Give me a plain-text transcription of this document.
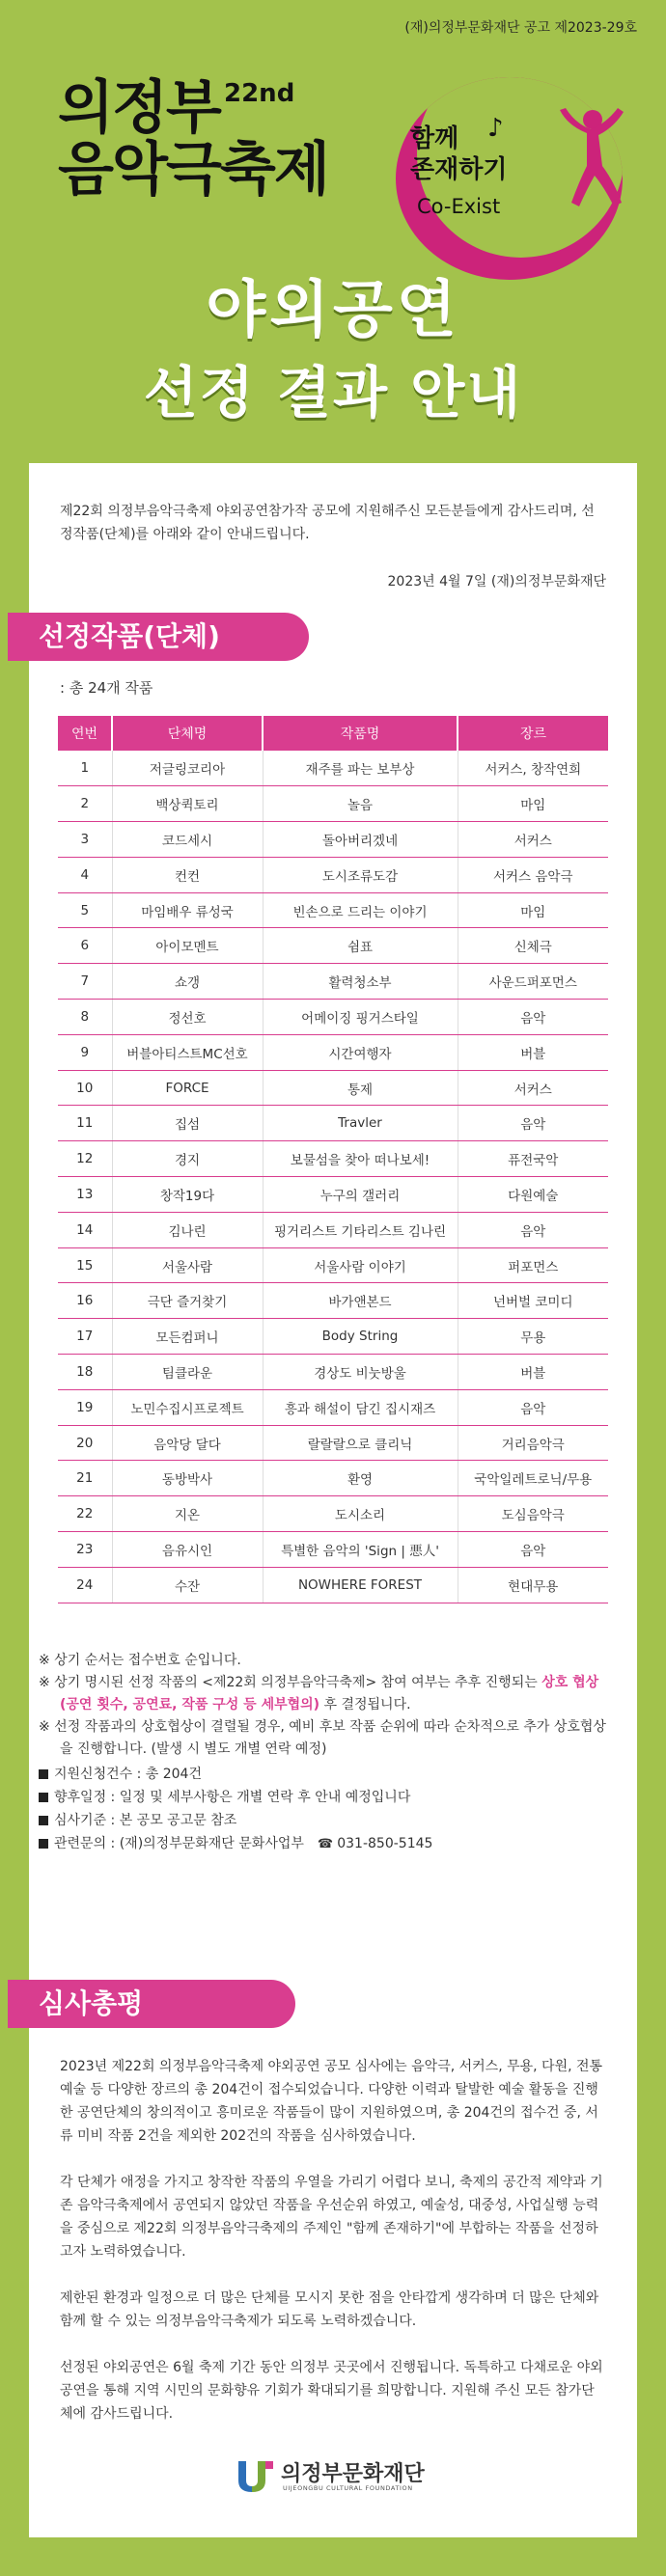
(재)의정부문화재단 공고 제2023-29호
의정부
음악극축제
22nd
함께
존재하기
Co-Exist
♪
야외공연
선정 결과 안내

제22회 의정부음악극축제 야외공연참가작 공모에 지원해주신 모든분들에게 감사드리며, 선정작품(단체)를 아래와 같이 안내드립니다.

2023년 4월 7일 (재)의정부문화재단
선정작품(단체)
: 총 24개 작품
연번	단체명	작품명	장르
1	저글링코리아	재주를 파는 보부상	서커스, 창작연희
2	백상퀵토리	놀음	마임
3	코드세시	돌아버리겠네	서커스
4	컨컨	도시조류도감	서커스 음악극
5	마임배우 류성국	빈손으로 드리는 이야기	마임
6	아이모멘트	쉼표	신체극
7	쇼갱	활력청소부	사운드퍼포먼스
8	정선호	어메이징 핑거스타일	음악
9	버블아티스트MC선호	시간여행자	버블
10	FORCE	통제	서커스
11	집섬	Travler	음악
12	경지	보물섬을 찾아 떠나보세!	퓨전국악
13	창작19다	누구의 갤러리	다원예술
14	김나린	핑거리스트 기타리스트 김나린	음악
15	서울사람	서울사람 이야기	퍼포먼스
16	극단 즐거찾기	바가앤본드	넌버벌 코미디
17	모든컴퍼니	Body String	무용
18	팀클라운	경상도 비눗방울	버블
19	노민수집시프로젝트	흥과 해설이 담긴 집시재즈	음악
20	음악당 달다	랄랄랄으로 클리닉	거리음악극
21	동방박사	환영	국악일레트로닉/무용
22	지온	도시소리	도심음악극
23	음유시인	특별한 음악의 'Sign | 悪人'	음악
24	수잔	NOWHERE FOREST	현대무용
※ 상기 순서는 접수번호 순입니다.
※ 상기 명시된 선정 작품의 <제22회 의정부음악극축제> 참여 여부는 추후 진행되는 상호 협상 (공연 횟수, 공연료, 작품 구성 등 세부협의) 후 결정됩니다.
※ 선정 작품과의 상호협상이 결렬될 경우, 예비 후보 작품 순위에 따라 순차적으로 추가 상호협상을 진행합니다. (발생 시 별도 개별 연락 예정)
지원신청건수 : 총 204건
향후일정 : 일정 및 세부사항은 개별 연락 후 안내 예정입니다
심사기준 : 본 공모 공고문 참조
관련문의 : (재)의정부문화재단 문화사업부 ☎ 031-850-5145
심사총평

2023년 제22회 의정부음악극축제 야외공연 공모 심사에는 음악극, 서커스, 무용, 다원, 전통예술 등 다양한 장르의 총 204건이 접수되었습니다. 다양한 이력과 탈발한 예술 활동을 진행한 공연단체의 창의적이고 흥미로운 작품들이 많이 지원하였으며, 총 204건의 접수건 중, 서류 미비 작품 2건을 제외한 202건의 작품을 심사하였습니다.

각 단체가 애정을 가지고 창작한 작품의 우열을 가리기 어렵다 보니, 축제의 공간적 제약과 기존 음악극축제에서 공연되지 않았던 작품을 우선순위 하였고, 예술성, 대중성, 사업실행 능력을 중심으로 제22회 의정부음악극축제의 주제인 "함께 존재하기"에 부합하는 작품을 선정하고자 노력하였습니다.

제한된 환경과 일정으로 더 많은 단체를 모시지 못한 점을 안타깝게 생각하며 더 많은 단체와 함께 할 수 있는 의정부음악극축제가 되도록 노력하겠습니다.

선정된 야외공연은 6월 축제 기간 동안 의정부 곳곳에서 진행됩니다. 독특하고 다채로운 야외공연을 통해 지역 시민의 문화향유 기회가 확대되기를 희망합니다. 지원해 주신 모든 참가단체에 감사드립니다.

의정부문화재단
UIJEONGBU CULTURAL FOUNDATION
